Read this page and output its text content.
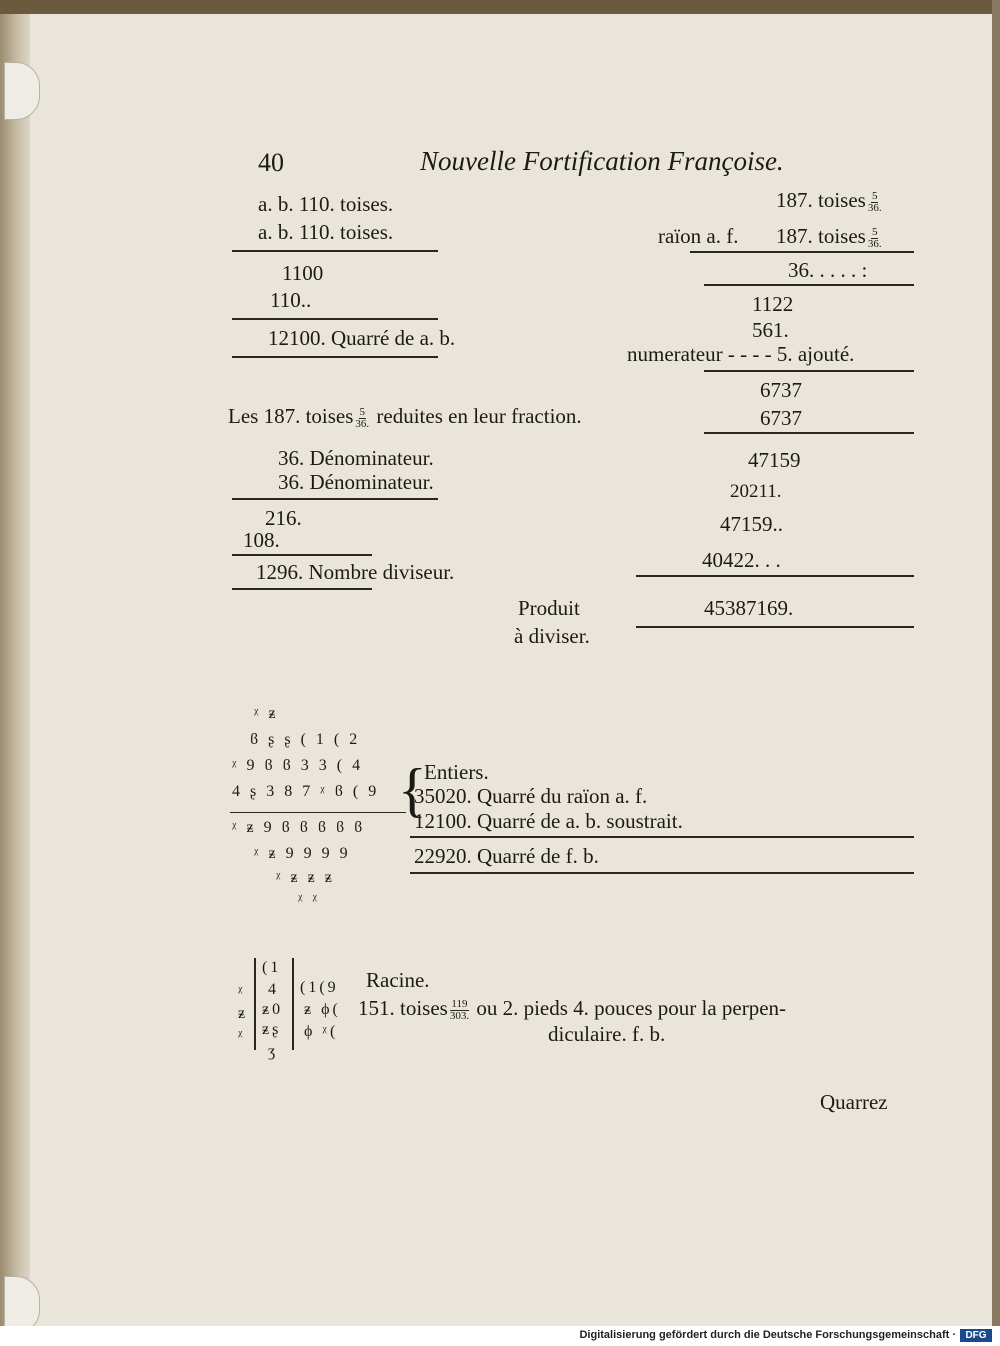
40	Nouvelle Fortification Françoise.
a. b. 110. toises.
a. b. 110. toises.
1100
110..
12100. Quarré de a. b.
Les 187. toises $\frac{5}{36.}$ reduites en leur fraction.
36. Dénominateur.
36. Dénominateur.
216.
108.
1296. Nombre diviseur.
Produit
à diviser.
187. toises $\frac{5}{36.}$
raïon a. f. 187. toises $\frac{5}{36.}$
36. . . . . :
1122
561.
numerateur - - - - 5. ajouté.
6737
6737
47159
20211.
47159..
40422. . .
45387169.
ᵡ ᵶ
ϐ ʂ ʂ ( 1 ( 2
ᵡ 9 ϐ ϐ 3 3 ( 4
4 ʂ 3 8 7 ᵡ ϐ ( 9
ᵡ ᵶ 9 ϐ ϐ ϐ ϐ ϐ
ᵡ ᵶ 9 9 9 9
ᵡ ᵶ ᵶ ᵶ
ᵡ ᵡ
{
Entiers.
35020. Quarré du raïon a. f.
12100. Quarré de a. b. soustrait.
22920. Quarré de f. b.
ᵡ
ᵶ
ᵡ
(1
4
ᵶ0
ᵶʂ
ʒ
(1(9
ᵶ ϕ(
ϕ ᵡ(
Racine.
151. toises $\frac{119}{303.}$ ou 2. pieds 4. pouces pour la perpen-
diculaire. f. b.
Quarrez
Digitalisierung gefördert durch die Deutsche Forschungsgemeinschaft · DFG
